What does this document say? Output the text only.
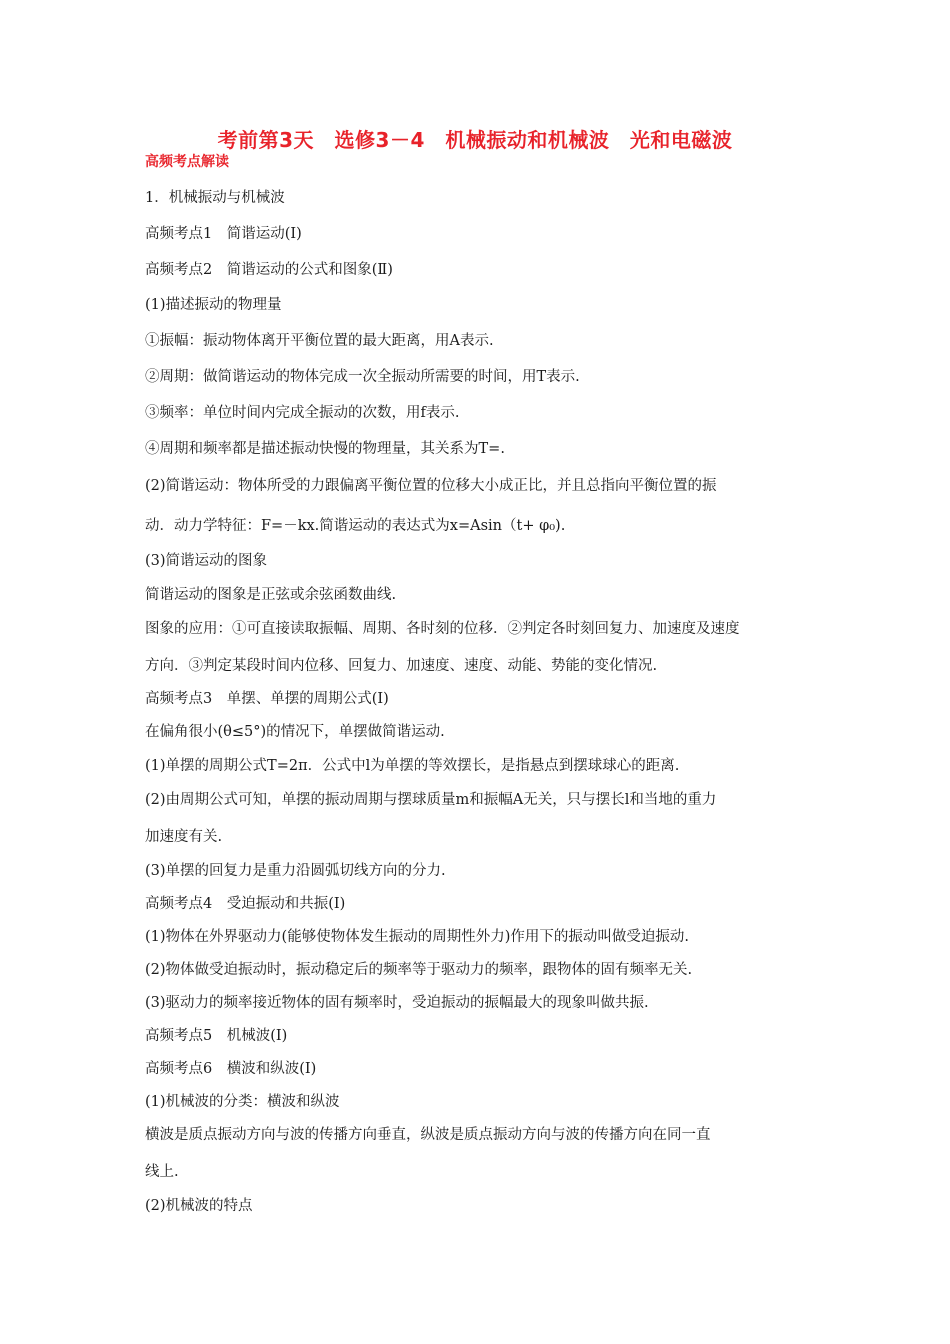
考前第3天　选修3－4　机械振动和机械波　光和电磁波
高频考点解读
1．机械振动与机械波
高频考点1　简谐运动(Ⅰ)
高频考点2　简谐运动的公式和图象(Ⅱ)
(1)描述振动的物理量
①振幅：振动物体离开平衡位置的最大距离，用A表示.
②周期：做简谐运动的物体完成一次全振动所需要的时间，用T表示.
③频率：单位时间内完成全振动的次数，用f表示.
④周期和频率都是描述振动快慢的物理量，其关系为T=.
(2)简谐运动：物体所受的力跟偏离平衡位置的位移大小成正比，并且总指向平衡位置的振
动．动力学特征：F=－kx.简谐运动的表达式为x=Asin（t+ φ₀).
(3)简谐运动的图象
简谐运动的图象是正弦或余弦函数曲线.
图象的应用：①可直接读取振幅、周期、各时刻的位移．②判定各时刻回复力、加速度及速度
方向．③判定某段时间内位移、回复力、加速度、速度、动能、势能的变化情况.
高频考点3　单摆、单摆的周期公式(Ⅰ)
在偏角很小(θ≤5°)的情况下，单摆做简谐运动.
(1)单摆的周期公式T=2π．公式中l为单摆的等效摆长，是指悬点到摆球球心的距离.
(2)由周期公式可知，单摆的振动周期与摆球质量m和振幅A无关，只与摆长l和当地的重力
加速度有关.
(3)单摆的回复力是重力沿圆弧切线方向的分力.
高频考点4　受迫振动和共振(Ⅰ)
(1)物体在外界驱动力(能够使物体发生振动的周期性外力)作用下的振动叫做受迫振动.
(2)物体做受迫振动时，振动稳定后的频率等于驱动力的频率，跟物体的固有频率无关.
(3)驱动力的频率接近物体的固有频率时，受迫振动的振幅最大的现象叫做共振.
高频考点5　机械波(Ⅰ)
高频考点6　横波和纵波(Ⅰ)
(1)机械波的分类：横波和纵波
横波是质点振动方向与波的传播方向垂直，纵波是质点振动方向与波的传播方向在同一直
线上.
(2)机械波的特点
